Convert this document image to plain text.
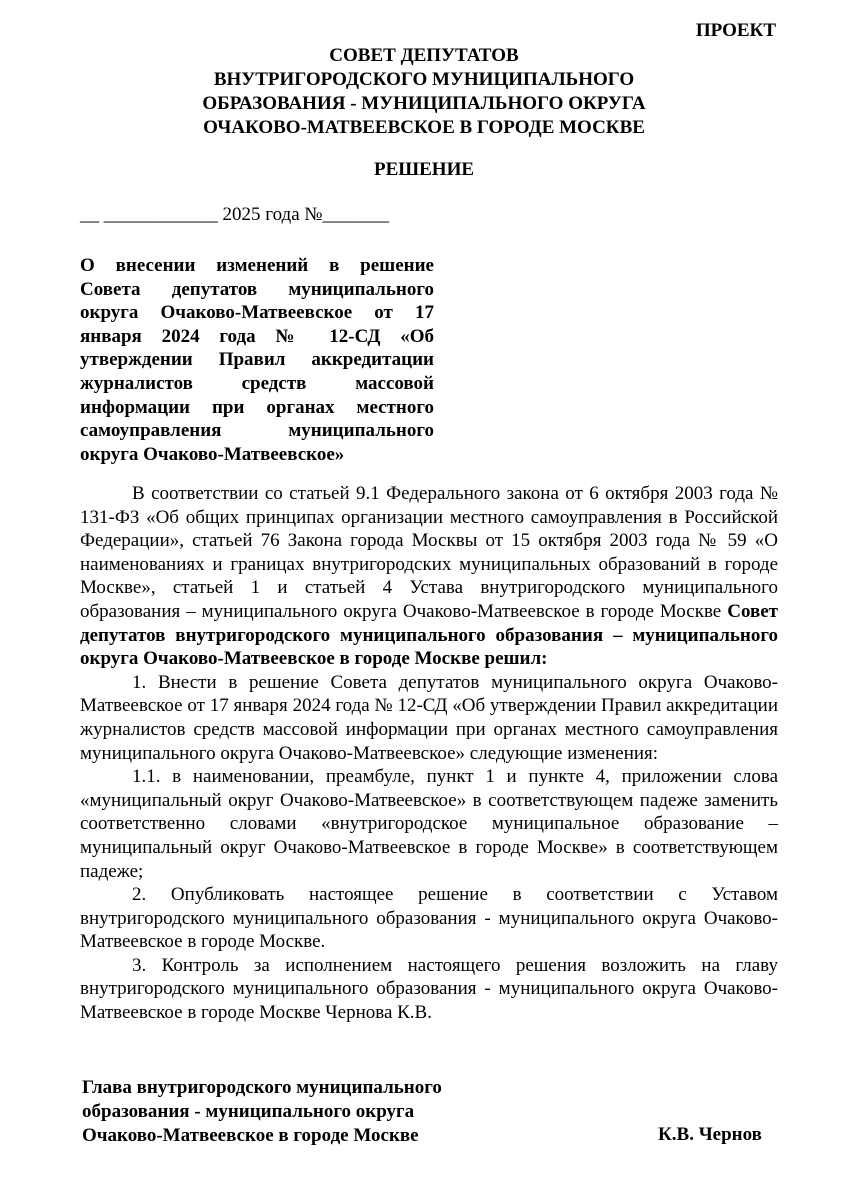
ПРОЕКТ
СОВЕТ ДЕПУТАТОВ
ВНУТРИГОРОДСКОГО МУНИЦИПАЛЬНОГО
ОБРАЗОВАНИЯ - МУНИЦИПАЛЬНОГО ОКРУГА
ОЧАКОВО-МАТВЕЕВСКОЕ В ГОРОДЕ МОСКВЕ
РЕШЕНИЕ
__ ____________ 2025 года №_______
О внесении изменений в решение Совета депутатов муниципального округа Очаково-Матвеевское от 17 января 2024 года № 12-СД «Об утверждении Правил аккредитации журналистов средств массовой информации при органах местного самоуправления муниципального округа Очаково-Матвеевское»

В соответствии со статьей 9.1 Федерального закона от 6 октября 2003 года № 131-ФЗ «Об общих принципах организации местного самоуправления в Российской Федерации», статьей 76 Закона города Москвы от 15 октября 2003 года № 59 «О наименованиях и границах внутригородских муниципальных образований в городе Москве», статьей 1 и статьей 4 Устава внутригородского муниципального образования – муниципального округа Очаково-Матвеевское в городе Москве Совет депутатов внутригородского муниципального образования – муниципального округа Очаково-Матвеевское в городе Москве решил:

1. Внести в решение Совета депутатов муниципального округа Очаково-Матвеевское от 17 января 2024 года № 12-СД «Об утверждении Правил аккредитации журналистов средств массовой информации при органах местного самоуправления муниципального округа Очаково-Матвеевское» следующие изменения:

1.1. в наименовании, преамбуле, пункт 1 и пункте 4, приложении слова «муниципальный округ Очаково-Матвеевское» в соответствующем падеже заменить соответственно словами «внутригородское муниципальное образование – муниципальный округ Очаково-Матвеевское в городе Москве» в соответствующем падеже;

2. Опубликовать настоящее решение в соответствии с Уставом внутригородского муниципального образования - муниципального округа Очаково-Матвеевское в городе Москве.

3. Контроль за исполнением настоящего решения возложить на главу внутригородского муниципального образования - муниципального округа Очаково-Матвеевское в городе Москве Чернова К.В.

Глава внутригородского муниципального
образования - муниципального округа
Очаково-Матвеевское в городе Москве	К.В. Чернов
